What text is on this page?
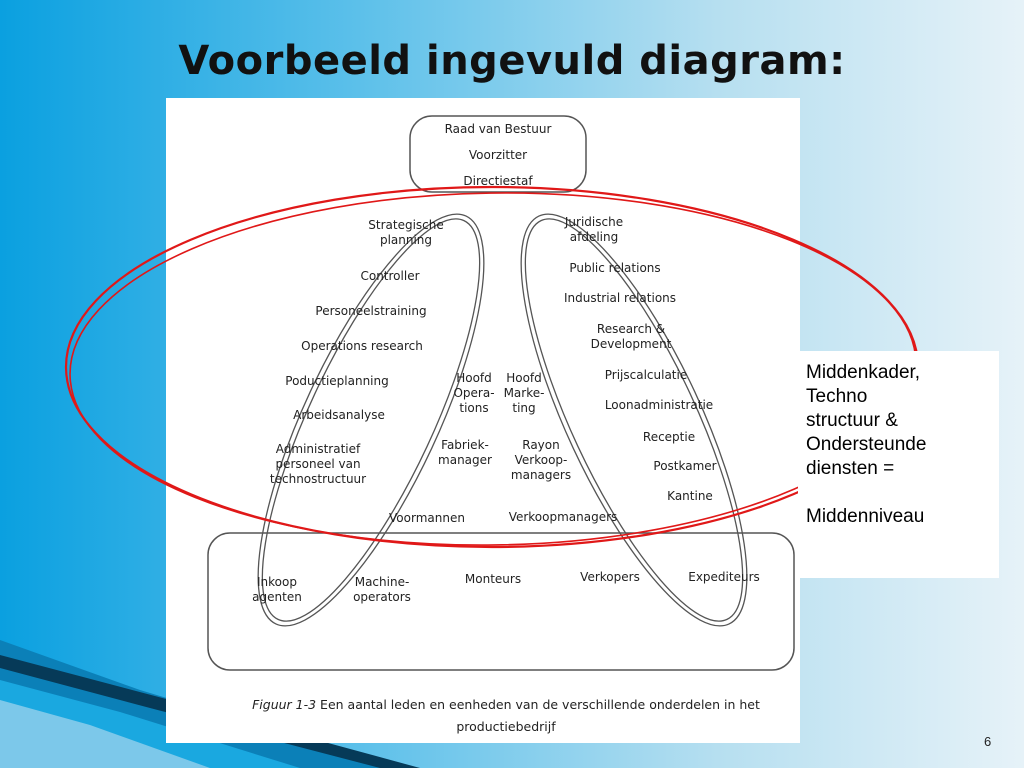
Voorbeeld ingevuld diagram:
Raad van Bestuur
Voorzitter
Directiestaf
Strategische
planning
Controller
Personeelstraining
Operations research
Poductieplanning
Arbeidsanalyse
Administratief
personeel van
technostructuur
Juridische
afdeling
Public relations
Industrial relations
Research &
Development
Prijscalculatie
Loonadministratie
Receptie
Postkamer
Kantine
Hoofd
Opera-
tions
Hoofd
Marke-
ting
Fabriek-
manager
Rayon
Verkoop-
managers
Voormannen	Verkoopmanagers
Inkoop
agenten
Machine-
operators
Monteurs	Verkopers	Expediteurs
Figuur 1-3 Een aantal leden en eenheden van de verschillende onderdelen in het
productiebedrijf
Middenkader,
Techno
structuur &
Ondersteunde
diensten =

Middenniveau
6
